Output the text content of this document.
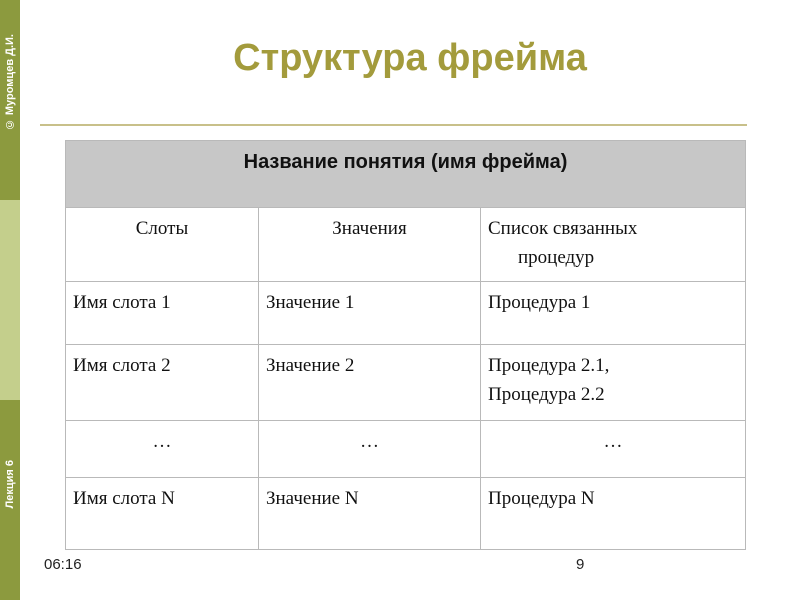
© Муромцев Д.И.
Лекция 6
Структура фрейма
Название понятия (имя фрейма)		
Слоты	Значения	Список связанных
процедур

Имя слота 1	Значение 1	Процедура 1
Имя слота 2	Значение 2	Процедура 2.1,
Процедура 2.2

…	…	…
Имя слота N	Значение N	Процедура N
06:16	9
